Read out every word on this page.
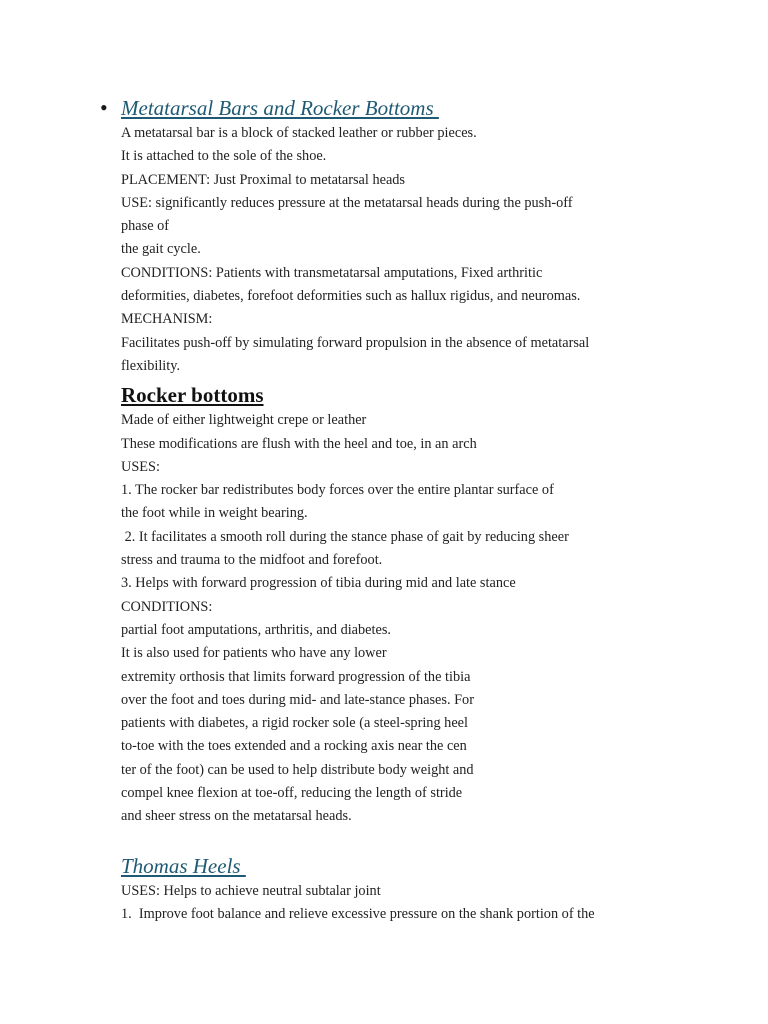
• Metatarsal Bars and Rocker Bottoms
A metatarsal bar is a block of stacked leather or rubber pieces.
It is attached to the sole of the shoe.
PLACEMENT: Just Proximal to metatarsal heads
USE: significantly reduces pressure at the metatarsal heads during the push-off
phase of
the gait cycle.
CONDITIONS: Patients with transmetatarsal amputations, Fixed arthritic
deformities, diabetes, forefoot deformities such as hallux rigidus, and neuromas.
MECHANISM:
Facilitates push-off by simulating forward propulsion in the absence of metatarsal
flexibility.
Rocker bottoms
Made of either lightweight crepe or leather
These modifications are flush with the heel and toe, in an arch
USES:
1. The rocker bar redistributes body forces over the entire plantar surface of
the foot while in weight bearing.
2. It facilitates a smooth roll during the stance phase of gait by reducing sheer
stress and trauma to the midfoot and forefoot.
3. Helps with forward progression of tibia during mid and late stance
CONDITIONS:
partial foot amputations, arthritis, and diabetes.
It is also used for patients who have any lower
extremity orthosis that limits forward progression of the tibia
over the foot and toes during mid- and late-stance phases. For
patients with diabetes, a rigid rocker sole (a steel-spring heel
to-toe with the toes extended and a rocking axis near the cen
ter of the foot) can be used to help distribute body weight and
compel knee flexion at toe-off, reducing the length of stride
and sheer stress on the metatarsal heads.
Thomas Heels
USES: Helps to achieve neutral subtalar joint
1.  Improve foot balance and relieve excessive pressure on the shank portion of the
